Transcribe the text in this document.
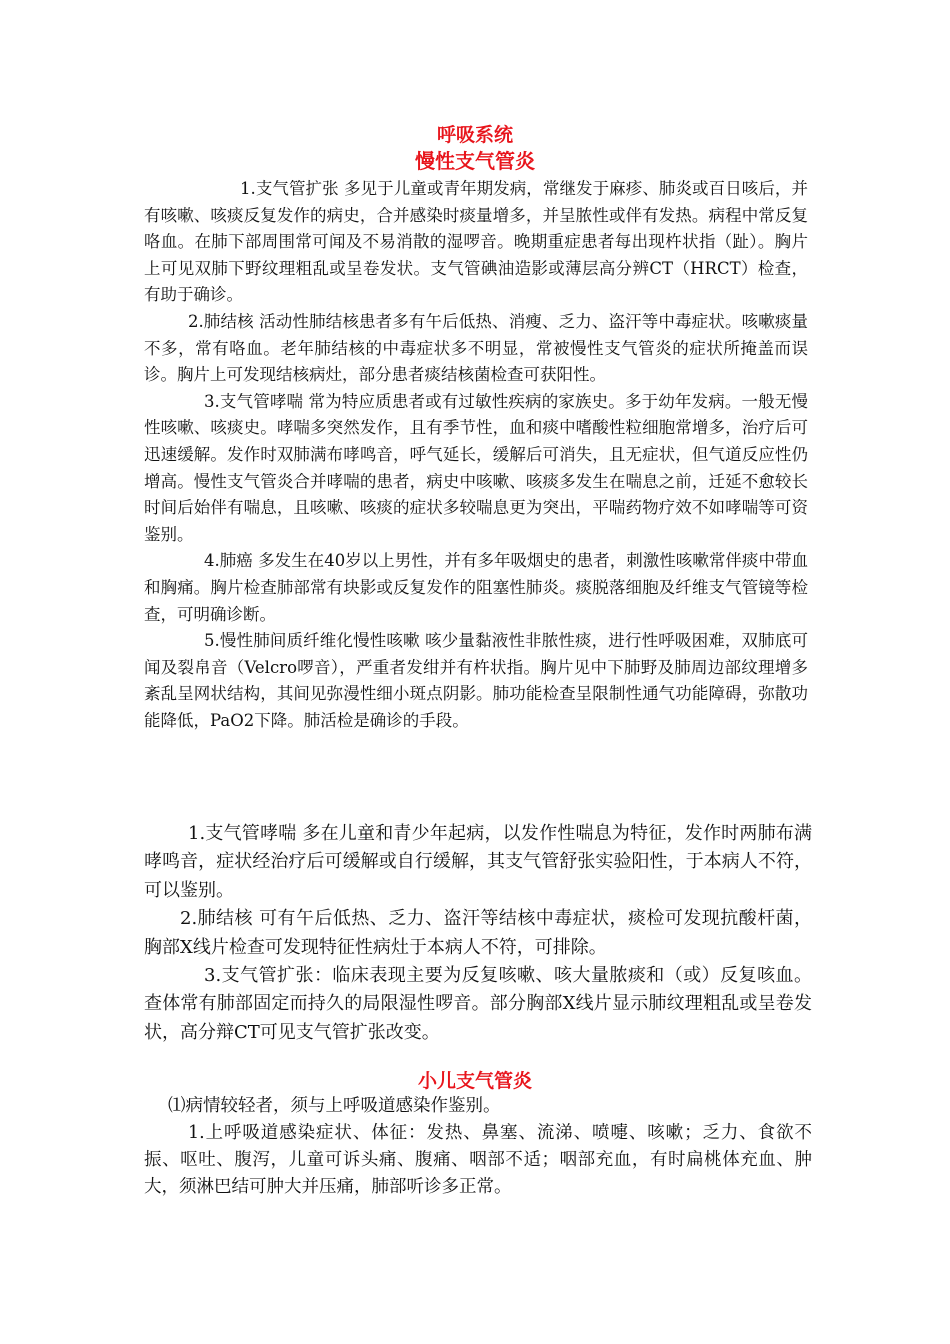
呼吸系统
慢性支气管炎

1.支气管扩张 多见于儿童或青年期发病，常继发于麻疹、肺炎或百日咳后，并有咳嗽、咳痰反复发作的病史，合并感染时痰量增多，并呈脓性或伴有发热。病程中常反复咯血。在肺下部周围常可闻及不易消散的湿啰音。晚期重症患者每出现杵状指（趾）。胸片上可见双肺下野纹理粗乱或呈卷发状。支气管碘油造影或薄层高分辨CT（HRCT）检查，有助于确诊。

2.肺结核 活动性肺结核患者多有午后低热、消瘦、乏力、盗汗等中毒症状。咳嗽痰量不多，常有咯血。老年肺结核的中毒症状多不明显，常被慢性支气管炎的症状所掩盖而误诊。胸片上可发现结核病灶，部分患者痰结核菌检查可获阳性。

3.支气管哮喘 常为特应质患者或有过敏性疾病的家族史。多于幼年发病。一般无慢性咳嗽、咳痰史。哮喘多突然发作，且有季节性，血和痰中嗜酸性粒细胞常增多，治疗后可迅速缓解。发作时双肺满布哮鸣音，呼气延长，缓解后可消失，且无症状，但气道反应性仍增高。慢性支气管炎合并哮喘的患者，病史中咳嗽、咳痰多发生在喘息之前，迁延不愈较长时间后始伴有喘息，且咳嗽、咳痰的症状多较喘息更为突出，平喘药物疗效不如哮喘等可资鉴别。

4.肺癌 多发生在40岁以上男性，并有多年吸烟史的患者，刺激性咳嗽常伴痰中带血和胸痛。胸片检查肺部常有块影或反复发作的阻塞性肺炎。痰脱落细胞及纤维支气管镜等检查，可明确诊断。

5.慢性肺间质纤维化慢性咳嗽 咳少量黏液性非脓性痰，进行性呼吸困难，双肺底可闻及裂帛音（Velcro啰音），严重者发绀并有杵状指。胸片见中下肺野及肺周边部纹理增多紊乱呈网状结构，其间见弥漫性细小斑点阴影。肺功能检查呈限制性通气功能障碍，弥散功能降低，PaO2下降。肺活检是确诊的手段。

1.支气管哮喘 多在儿童和青少年起病，以发作性喘息为特征，发作时两肺布满哮鸣音，症状经治疗后可缓解或自行缓解，其支气管舒张实验阳性，于本病人不符，可以鉴别。

2.肺结核 可有午后低热、乏力、盗汗等结核中毒症状，痰检可发现抗酸杆菌，胸部X线片检查可发现特征性病灶于本病人不符，可排除。

3.支气管扩张：临床表现主要为反复咳嗽、咳大量脓痰和（或）反复咳血。查体常有肺部固定而持久的局限湿性啰音。部分胸部X线片显示肺纹理粗乱或呈卷发状，高分辩CT可见支气管扩张改变。

小儿支气管炎

⑴病情较轻者，须与上呼吸道感染作鉴别。

1.上呼吸道感染症状、体征：发热、鼻塞、流涕、喷嚏、咳嗽；乏力、食欲不振、呕吐、腹泻，儿童可诉头痛、腹痛、咽部不适；咽部充血，有时扁桃体充血、肿大，须淋巴结可肿大并压痛，肺部听诊多正常。
